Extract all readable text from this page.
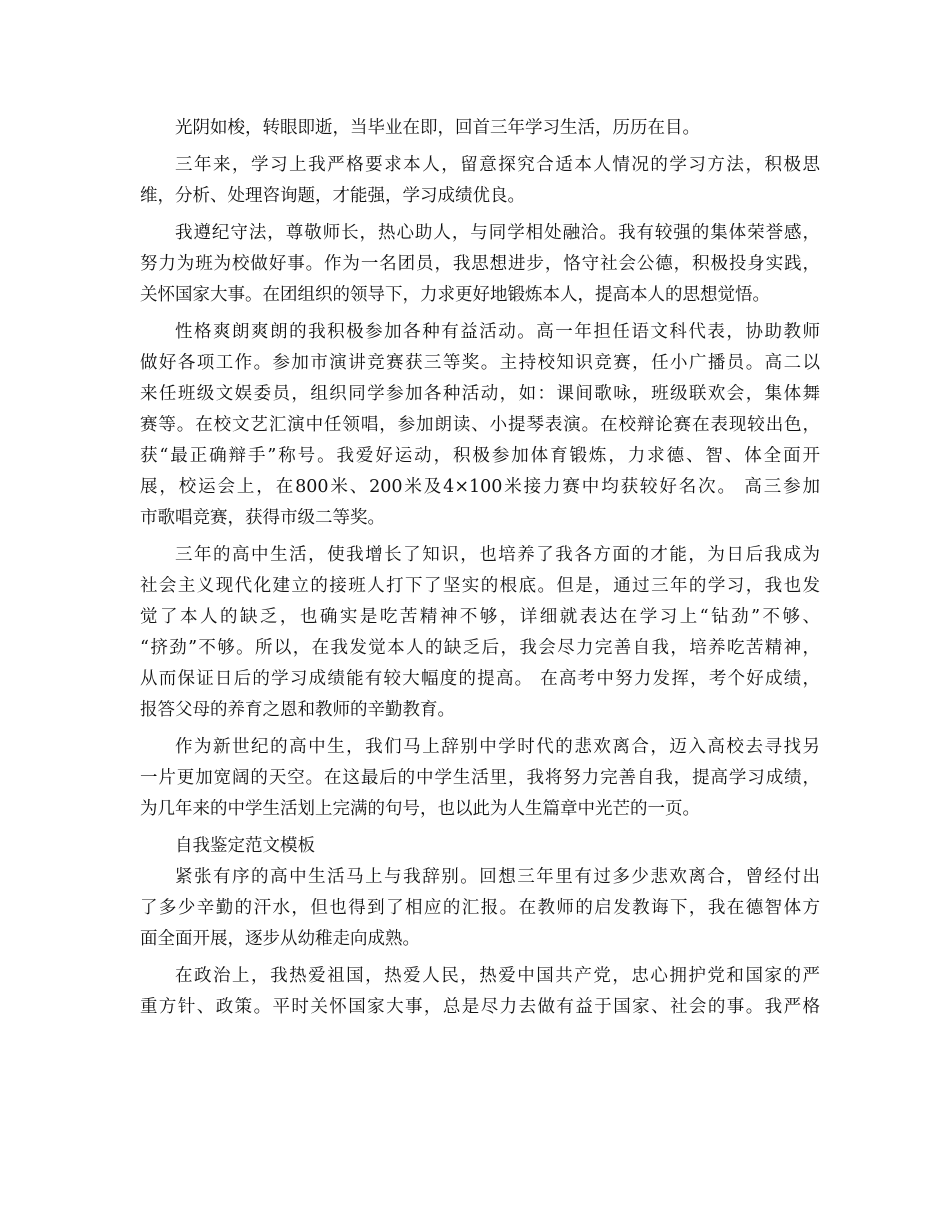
光阴如梭，转眼即逝，当毕业在即，回首三年学习生活，历历在目。
三年来，学习上我严格要求本人，留意探究合适本人情况的学习方法，积极思
维，分析、处理咨询题，才能强，学习成绩优良。
我遵纪守法，尊敬师长，热心助人，与同学相处融洽。我有较强的集体荣誉感，
努力为班为校做好事。作为一名团员，我思想进步，恪守社会公德，积极投身实践，
关怀国家大事。在团组织的领导下，力求更好地锻炼本人，提高本人的思想觉悟。
性格爽朗爽朗的我积极参加各种有益活动。高一年担任语文科代表，协助教师
做好各项工作。参加市演讲竞赛获三等奖。主持校知识竞赛，任小广播员。高二以
来任班级文娱委员，组织同学参加各种活动，如：课间歌咏，班级联欢会，集体舞
赛等。在校文艺汇演中任领唱，参加朗读、小提琴表演。在校辩论赛在表现较出色，
获“最正确辩手”称号。我爱好运动，积极参加体育锻炼，力求德、智、体全面开
展，校运会上，在800米、200米及4×100米接力赛中均获较好名次。 高三参加
市歌唱竞赛，获得市级二等奖。
三年的高中生活，使我增长了知识，也培养了我各方面的才能，为日后我成为
社会主义现代化建立的接班人打下了坚实的根底。但是，通过三年的学习，我也发
觉了本人的缺乏，也确实是吃苦精神不够，详细就表达在学习上“钻劲”不够、
“挤劲”不够。所以，在我发觉本人的缺乏后，我会尽力完善自我，培养吃苦精神，
从而保证日后的学习成绩能有较大幅度的提高。 在高考中努力发挥，考个好成绩，
报答父母的养育之恩和教师的辛勤教育。
作为新世纪的高中生，我们马上辞别中学时代的悲欢离合，迈入高校去寻找另
一片更加宽阔的天空。在这最后的中学生活里，我将努力完善自我，提高学习成绩，
为几年来的中学生活划上完满的句号，也以此为人生篇章中光芒的一页。
自我鉴定范文模板
紧张有序的高中生活马上与我辞别。回想三年里有过多少悲欢离合，曾经付出
了多少辛勤的汗水，但也得到了相应的汇报。在教师的启发教诲下，我在德智体方
面全面开展，逐步从幼稚走向成熟。
在政治上，我热爱祖国，热爱人民，热爱中国共产党，忠心拥护党和国家的严
重方针、政策。平时关怀国家大事，总是尽力去做有益于国家、社会的事。我严格
